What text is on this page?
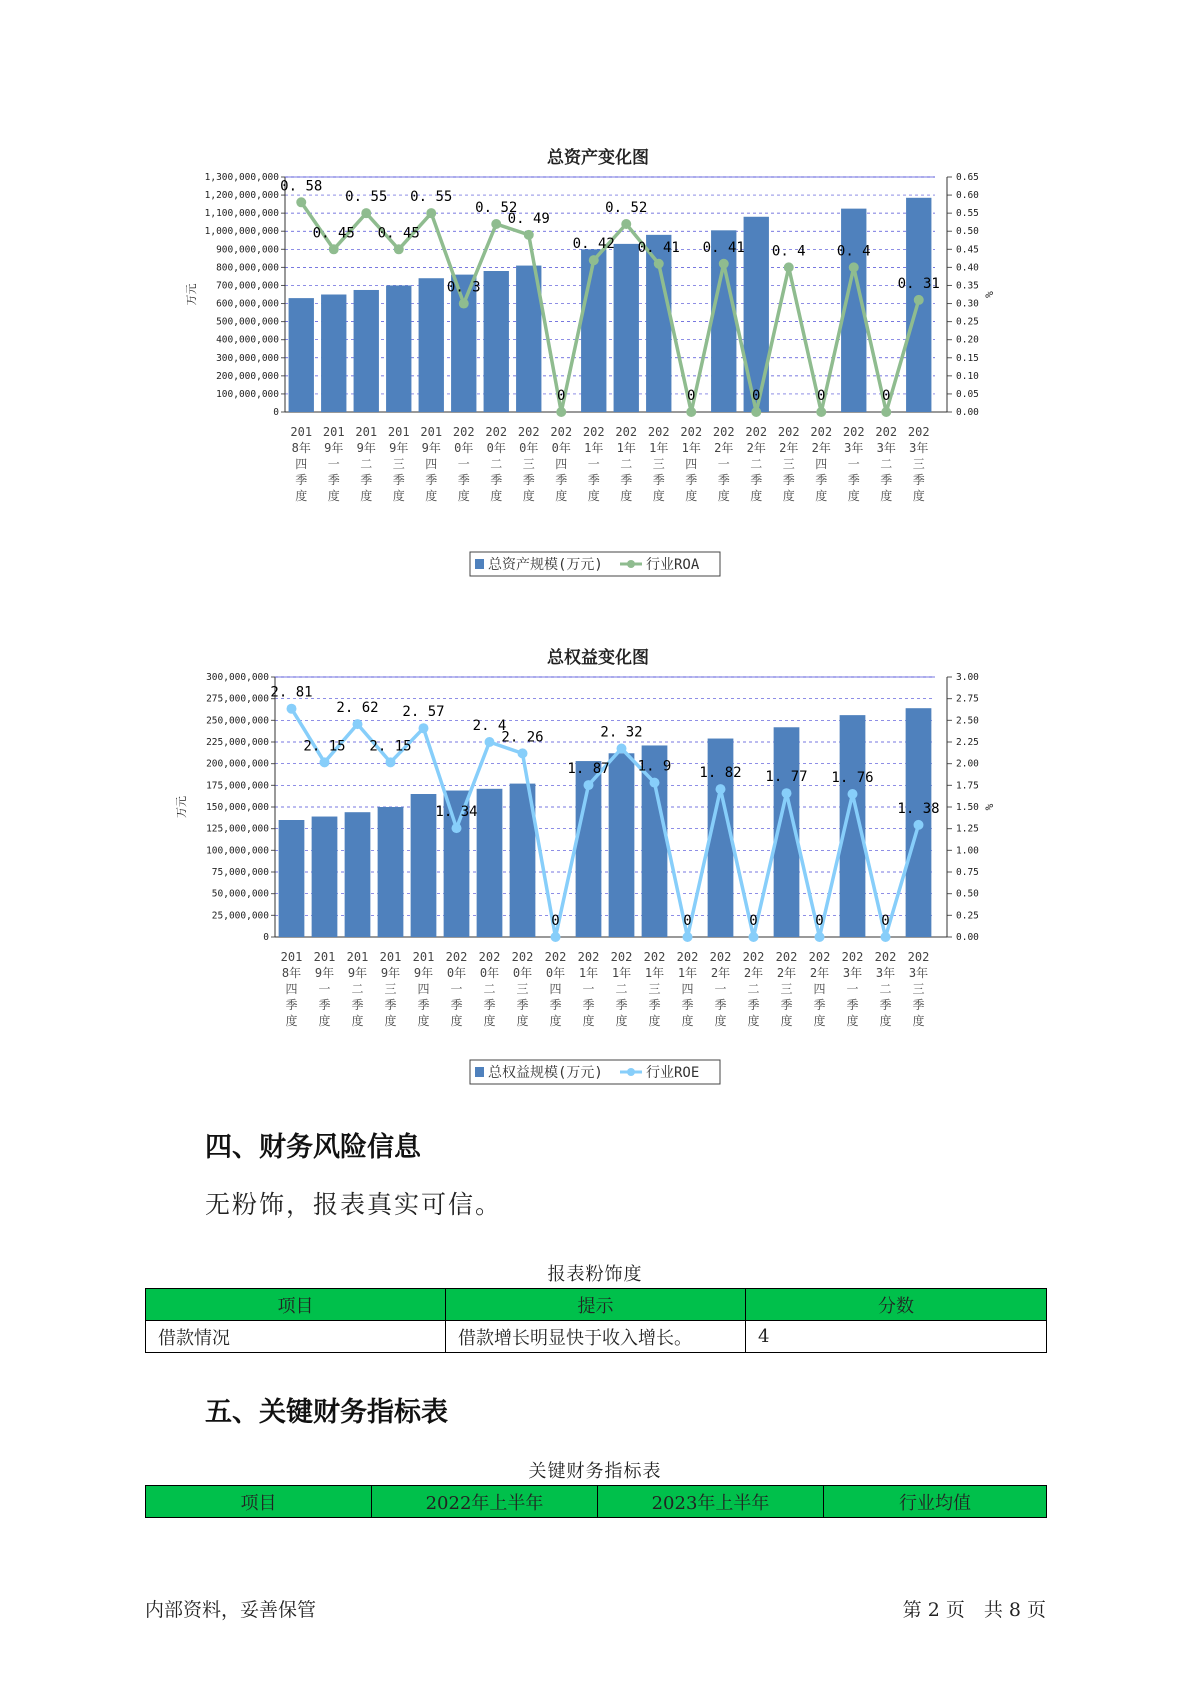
总资产变化图
0
100,000,000
200,000,000
300,000,000
400,000,000
500,000,000
600,000,000
700,000,000
800,000,000
900,000,000
1,000,000,000
1,100,000,000
1,200,000,000
1,300,000,000
0.00
0.05
0.10
0.15
0.20
0.25
0.30
0.35
0.40
0.45
0.50
0.55
0.60
0.65
万元	%
0. 58
0. 45
0. 55
0. 45
0. 55
0. 3
0. 52
0. 49
0
0. 42
0. 52
0. 41
0
0. 41
0
0. 4
0
0. 4
0
0. 31
201
8年
四
季
度
201
9年
一
季
度
201
9年
二
季
度
201
9年
三
季
度
201
9年
四
季
度
202
0年
一
季
度
202
0年
二
季
度
202
0年
三
季
度
202
0年
四
季
度
202
1年
一
季
度
202
1年
二
季
度
202
1年
三
季
度
202
1年
四
季
度
202
2年
一
季
度
202
2年
二
季
度
202
2年
三
季
度
202
2年
四
季
度
202
3年
一
季
度
202
3年
二
季
度
202
3年
三
季
度
总资产规模(万元)	行业ROA
总权益变化图
0
25,000,000
50,000,000
75,000,000
100,000,000
125,000,000
150,000,000
175,000,000
200,000,000
225,000,000
250,000,000
275,000,000
300,000,000
0.00
0.25
0.50
0.75
1.00
1.25
1.50
1.75
2.00
2.25
2.50
2.75
3.00
万元	%
2. 81
2. 15
2. 62
2. 15
2. 57
1. 34
2. 4
2. 26
0
1. 87
2. 32
1. 9
0
1. 82
0
1. 77
0
1. 76
0
1. 38
201
8年
四
季
度
201
9年
一
季
度
201
9年
二
季
度
201
9年
三
季
度
201
9年
四
季
度
202
0年
一
季
度
202
0年
二
季
度
202
0年
三
季
度
202
0年
四
季
度
202
1年
一
季
度
202
1年
二
季
度
202
1年
三
季
度
202
1年
四
季
度
202
2年
一
季
度
202
2年
二
季
度
202
2年
三
季
度
202
2年
四
季
度
202
3年
一
季
度
202
3年
二
季
度
202
3年
三
季
度
总权益规模(万元)	行业ROE
四、财务风险信息
无粉饰，报表真实可信。
报表粉饰度
项目	提示	分数
借款情况	借款增长明显快于收入增长。	4
五、关键财务指标表
关键财务指标表
项目	2022年上半年	2023年上半年	行业均值
内部资料，妥善保管	第 2 页　共 8 页
